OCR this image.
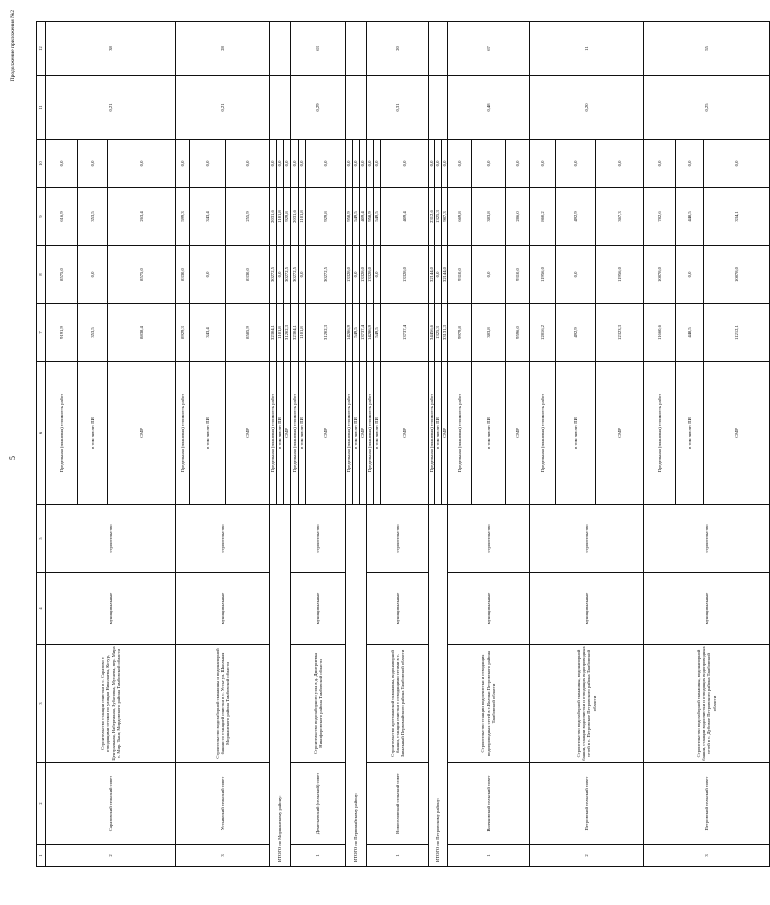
5
Продолжение приложения №2
1	2	3	4	5	6	7	8	9	10	11	12
2	Саразовский сельский совет	Строительство станции очистки в с. Саразово с отводящими сетями по улицам Николаева, Котур, Центральная, Набережная, Зубатовка, Мусаева, пер. Мира с. Мир. Тынг, Мирдовского района Тамбовской области	муниципальные	строительство	Предельная (плановая) стоимость работ	9191,9	8575,0	616,9	0,0	0,21	38
					в том числе: ПИ	353,5	0,0	353,5	0,0		
					СМР	8838,4	8575,0	263,4	0,0		
3	Устьинский сельский совет	Строительство водозаборной скважины и водонапорной башни со станцией очистки в с. Устье ул. Школьная Моршанского района Тамбовской области	муниципальные	строительство	Предельная (плановая) стоимость работ	8929,3	8330,0	599,3	0,0	0,21	28
					в том числе: ПИ	343,4	0,0	343,4	0,0		
					СМР	8585,9	8330,0	255,9	0,0		
ИТОГО по Моршанскому району:					Предельная (плановая) стоимость работ	32304,1	30272,5	2031,6	0,0		
					в том числе: ПИ	1101,8	0,0	1101,8	0,0		
					СМР	31202,3	30272,5	929,8	0,0		
1	Деметьевский (сельский) совет	Строительство водозаборного узла в д. Дмитриевка Никифоровского района Тамбовской области	муниципальные	строительство	Предельная (плановая) стоимость работ	32304,1	30272,5	2031,6	0,0	0,29	63
					в том числе: ПИ	1101,8	0,0	1101,8	0,0		
					СМР	31202,3	30272,5	929,8	0,0		
ИТОГО по Первомайскому району:					Предельная (плановая) стоимость работ	14286,9	13328,0	958,9	0,0		
					в том числе: ПИ	549,5	0,0	549,5	0,0		
					СМР	13737,4	13328,0	409,4	0,0		
1	Новоселовский сельский совет	Строительство артезианской скважины, водонапорной башни, станции очистки с отводящими сетями в с. Завальный Первомайского района Тамбовской области	муниципальные	строительство	Предельная (плановая) стоимость работ	14286,9	13328,0	958,9	0,0	0,31	20
					в том числе: ПИ	549,5	0,0	549,5	0,0		
					СМР	13737,4	13328,0	409,4	0,0		
ИТОГО по Петровскому району:					Предельная (плановая) стоимость работ	34456,6	32144,0	2312,6	0,0		
					в том числе: ПИ	1325,3	0,0	1325,3	0,0		
					СМР	33131,3	32144,0	987,3	0,0		
1	Волчковский сельский совет	Строительство станции водоочистки и отводящих водопроводных сетей в с.Волчки Петровского района Тамбовской области	муниципальные	строительство	Предельная (плановая) стоимость работ	9979,8	9310,0	669,8	0,0	0,48	67
					в том числе: ПИ	383,8	0,0	383,8	0,0		
					СМР	9596,0	9310,0	286,0	0,0		
2	Петровский сельский совет	Строительство водозаборной скважины, водонапорной башни, станции водоочистки и отводящих водопроводных сетей в с. Петровское Петровского района Тамбовской области	муниципальные	строительство	Предельная (плановая) стоимость работ	12816,2	11956,0	860,2	0,0	0,20	11
					в том числе: ПИ	492,9	0,0	492,9	0,0		
					СМР	12323,3	11956,0	367,3	0,0		
3	Петровский сельский совет	Строительство водозаборной скважины, водонапорной башни, станции водоочистки и отводящих водопроводных сетей в с. Дубовое Петровского района Тамбовской области	муниципальные	строительство	Предельная (плановая) стоимость работ	11660,6	10878,0	782,6	0,0	0,25	55
					в том числе: ПИ	448,5	0,0	448,5	0,0		
					СМР	11212,1	10878,0	334,1	0,0		
